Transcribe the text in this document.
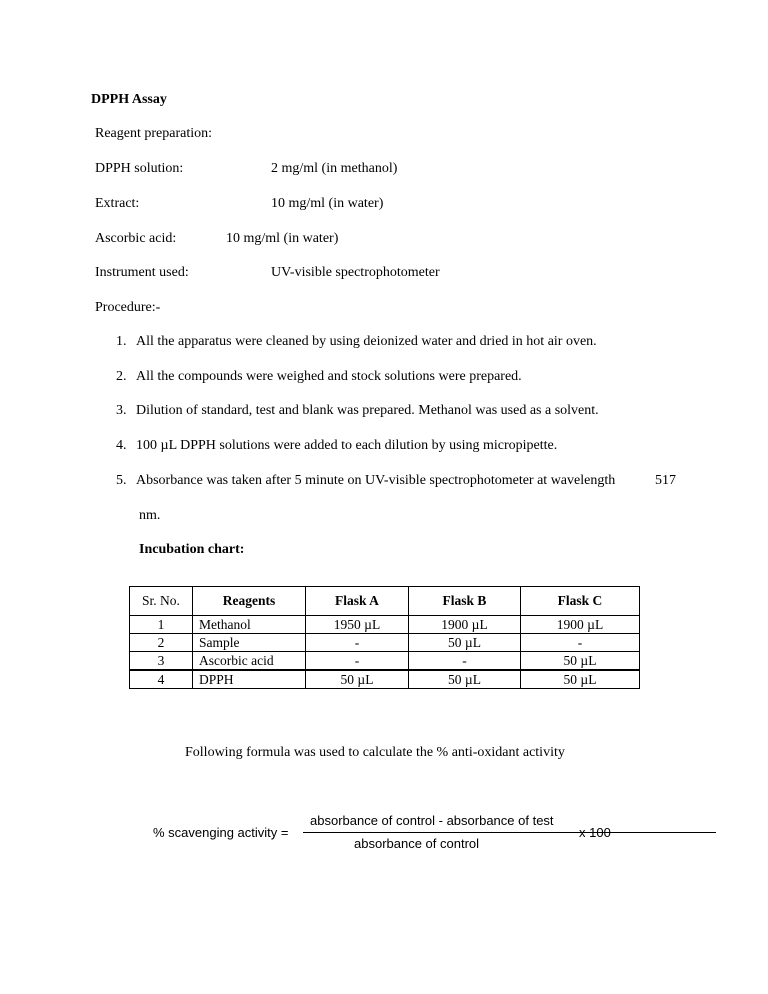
DPPH Assay
Reagent preparation:
DPPH solution:	2 mg/ml (in methanol)
Extract:	10 mg/ml (in water)
Ascorbic acid:	10 mg/ml (in water)
Instrument used:	UV-visible spectrophotometer
Procedure:-
1. All the apparatus were cleaned by using deionized water and dried in hot air oven.
2. All the compounds were weighed and stock solutions were prepared.
3. Dilution of standard, test and blank was prepared. Methanol was used as a solvent.
4. 100 µL DPPH solutions were added to each dilution by using micropipette.
5. Absorbance was taken after 5 minute on UV-visible spectrophotometer at wavelength	517
nm.
Incubation chart:
Sr. No.	Reagents	Flask A	Flask B	Flask C
1	Methanol	1950 µL	1900 µL	1900 µL
2	Sample	-	50 µL	-
3	Ascorbic acid	-	-	50 µL
4	DPPH	50 µL	50 µL	50 µL
Following formula was used to calculate the % anti-oxidant activity
% scavenging activity =
absorbance of control - absorbance of test
absorbance of control
x 100
